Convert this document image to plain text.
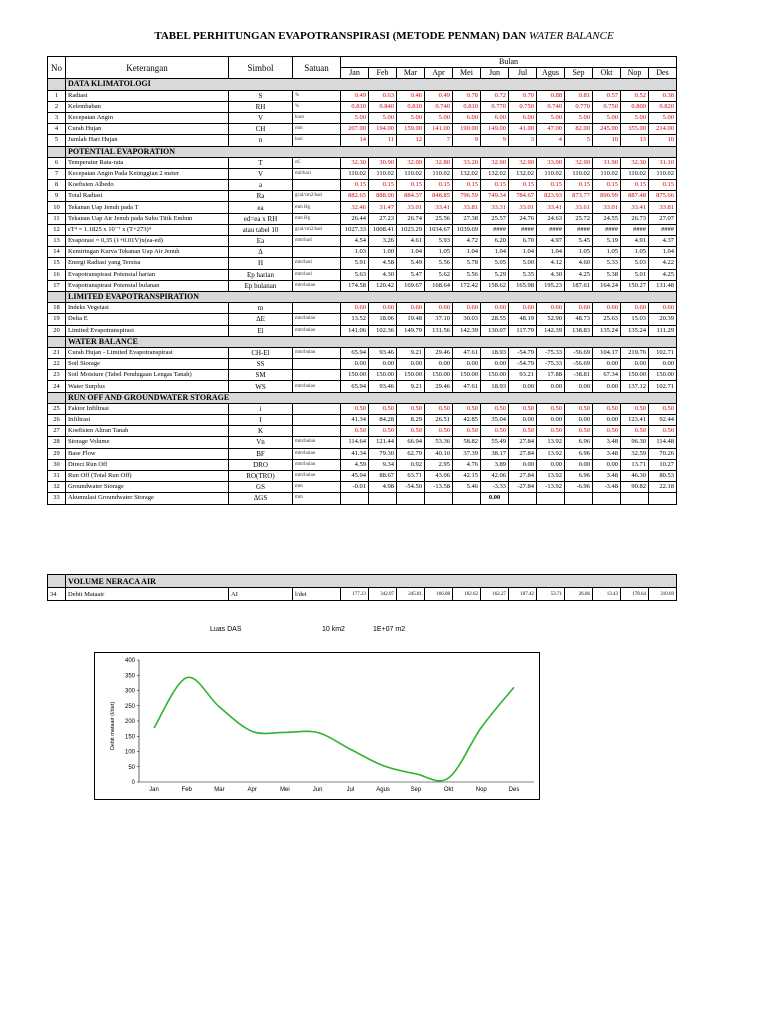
TABEL PERHITUNGAN EVAPOTRANSPIRASI (METODE PENMAN) DAN WATER BALANCE
No	Keterangan	Simbol	Satuan	Bulan											
				Jan	Feb	Mar	Apr	Mei	Jun	Jul	Agus	Sep	Okt	Nop	Des
	DATA KLIMATOLOGI														
1	Radiasi	S	%	0.49	0.63	0.46	0.49	0.78	0.72	0.70	0.88	0.81	0.57	0.52	0.38
2	Kelembaban	RH	%	0.810	0.840	0.810	0.740	0.810	0.770	0.750	0.740	0.770	0.750	0.800	0.820
3	Kecepatan Angin	V	knot	5.00	5.00	5.00	5.00	6.00	6.00	6.00	5.00	5.00	5.00	5.00	5.00
4	Curah Hujan	CH	mm	207.00	194.00	159.00	141.00	190.00	149.00	41.00	47.00	82.00	245.00	355.00	214.00
5	Jumlah Hari Hujan	n	hari	14	11	12	7	9	9	3	4	5	10	13	10
	POTENTIAL EVAPORATION														
6	Temperatur Rata-rata	T	oC	32.30	30.90	32.00	32.80	33.20	32.90	32.90	33.00	32.90	31.90	32.30	31.10
7	Kecepatan Angin Pada Ketinggian 2 meter	V	mil/hari	110.02	110.02	110.02	110.02	132.02	132.02	132.02	110.02	110.02	110.02	110.02	110.02
8	Koefisien Albedo	a		0.15	0.15	0.15	0.15	0.15	0.15	0.15	0.15	0.15	0.15	0.15	0.15
9	Total Radiasi	Ra	gcal/cm2/hari	882.65	888.00	884.37	848.85	796.59	749.34	784.67	823.93	873.77	890.99	887.48	875.66
10	Tekanan Uap Jenuh pada T	ea	mm Hg	32.46	31.47	33.01	33.41	33.81	33.31	33.01	33.41	33.61	33.01	33.41	33.81
11	Tekanan Uap Air Jenuh pada Suhu Titik Embun	ed=ea x RH	mm Hg	26.44	27.23	26.74	25.56	27.38	25.57	24.76	24.63	25.72	24.55	26.73	27.07
12	εT⁴ = 1.1825 x 10⁻⁷ x (T+273)⁴	atau tabel 10	gcal/cm2/hari	1027.33	1008.41	1023.29	1034.67	1039.69	####	####	####	####	####	####	####
13	Evaporasi = 0,35 (1+0.01V)x(ea-ed)	Ea	mm/hari	4.54	3.26	4.61	5.93	4.72	6.20	6.70	4.97	5.45	5.19	4.91	4.37
14	Kemiringan Kurva Tekanan Uap Air Jenuh	Δ		1.03	1.00	1.04	1.05	1.04	1.04	1.04	1.04	1.05	1.05	1.05	1.04
15	Energi Radiasi yang Tersisa	H	mm/hari	5.91	4.58	5.49	5.56	5.78	5.05	5.00	4.12	4.60	5.33	5.03	4.22
16	Evapotranspirasi Potensial harian	Ep harian	mm/hari	5.63	4.30	5.47	5.62	5.56	5.29	5.35	4.30	4.25	5.38	5.01	4.25
17	Evapotranspirasi Potensial bulanan	Ep bulanan	mm/bulan	174.58	120.42	169.67	168.64	172.42	158.62	165.98	195.23	187.61	164.24	150.27	131.48
	LIMITED EVAPOTRANSPIRATION														
18	Indeks Vegetasi	m		0.60	0.60	0.60	0.60	0.60	0.60	0.60	0.60	0.60	0.60	0.60	0.60
19	Delta E	ΔE	mm/bulan	13.52	18.06	19.48	37.10	30.03	28.55	48.19	52.90	48.73	25.63	15.03	20.39
20	Limited Evapotranspirasi	El	mm/bulan	141.06	102.36	149.79	131.56	142.39	130.07	117.79	142.39	138.83	135.24	135.24	111.29
	WATER BALANCE														
21	Curah Hujan - Limited Evapotranspirasi	CH-El	mm/bulan	65.94	93.46	9.21	29.46	47.61	18.93	-54.79	-75.33	-56.69	104.17	219.76	102.71
22	Soil Storage	SS		0.00	0.00	0.00	0.00	0.00	0.00	-54.79	-75.33	-56.69	0.00	0.00	0.00
23	Soil Moisture (Tabel Pendugaan Lengas Tanah)	SM		150.00	150.00	150.00	150.00	150.00	150.00	93.21	17.88	-38.81	67.34	150.00	150.00
24	Water Surplus	WS	mm/bulan	65.94	93.46	9.21	29.46	47.61	18.93	0.00	0.00	0.00	0.00	137.12	102.71
	RUN OFF AND GROUNDWATER STORAGE														
25	Faktor Infiltrasi	i		0.50	0.50	0.50	0.50	0.50	0.50	0.50	0.50	0.50	0.50	0.50	0.50
26	Infiltrasi	I		41.34	84.28	8.29	26.51	42.85	35.04	0.00	0.00	0.00	0.00	123.41	92.44
27	Koefisien Aliran Tanah	K		0.50	0.50	0.50	0.50	0.50	0.50	0.50	0.50	0.50	0.50	0.50	0.50
28	Storage Volume	Vn	mm/bulan	114.64	121.44	66.94	53.36	58.82	55.49	27.84	13.92	6.96	3.48	96.30	114.48
29	Base Flow	BF	mm/bulan	41.34	79.30	62.79	40.10	37.39	38.17	27.84	13.92	6.96	3.48	32.59	70.26
30	Direct Run Off	DRO	mm/bulan	4.59	9.34	0.92	2.95	4.76	3.89	0.00	0.00	0.00	0.00	13.71	10.27
31	Run Off (Total Run Off)	RO(TRO)	mm/bulan	45.94	88.67	63.71	43.06	42.15	42.06	27.84	13.92	6.96	3.48	46.30	80.53
32	Groundwater Storage	GS	mm	-0.01	4.98	-54.50	-13.58	5.46	-3.33	-27.84	-13.92	-6.96	-3.48	90.82	22.18
33	Akumulasi Groundwater Storage	ΔGS	mm						0.00						
	VOLUME NERACA AIR														
34	Debit Mataair	AI	l/det	177.23	342.07	245.81	166.08	162.62	162.27	107.42	53.71	26.86	13.43	178.64	310.69
Luas DAS	10 km2	1E+07 m2
0
50
100
150
200
250
300
350
400
Jan	Feb	Mar	Apr	Mei	Jun	Jul	Agus	Sep	Okt	Nop	Des
Debit mataair (l/det)
